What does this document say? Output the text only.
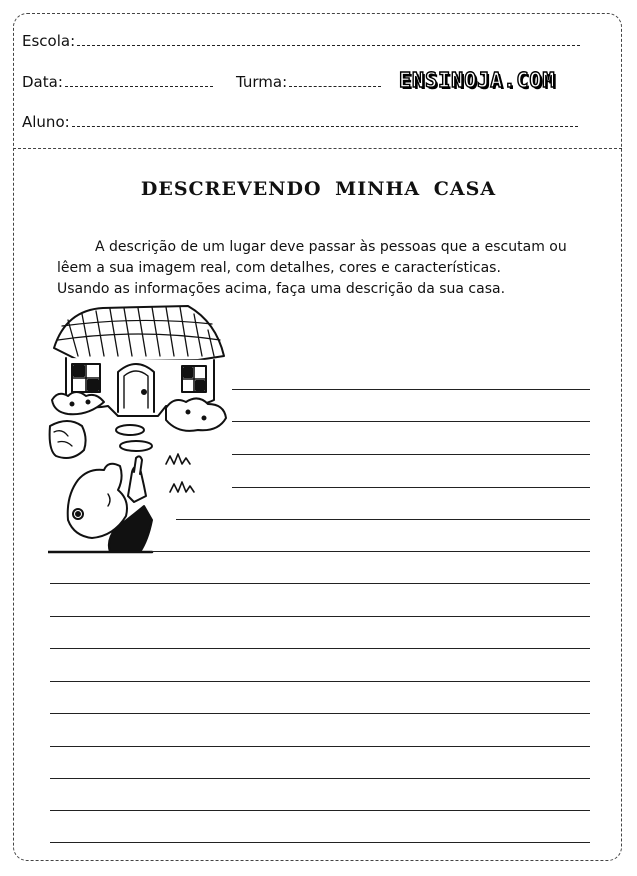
Escola:
Data:	Turma:	ENSINOJA.COM
Aluno:
DESCREVENDO MINHA CASA
A descrição de um lugar deve passar às pessoas que a escutam ou
lêem a sua imagem real, com detalhes, cores e características.
Usando as informações acima, faça uma descrição da sua casa.
